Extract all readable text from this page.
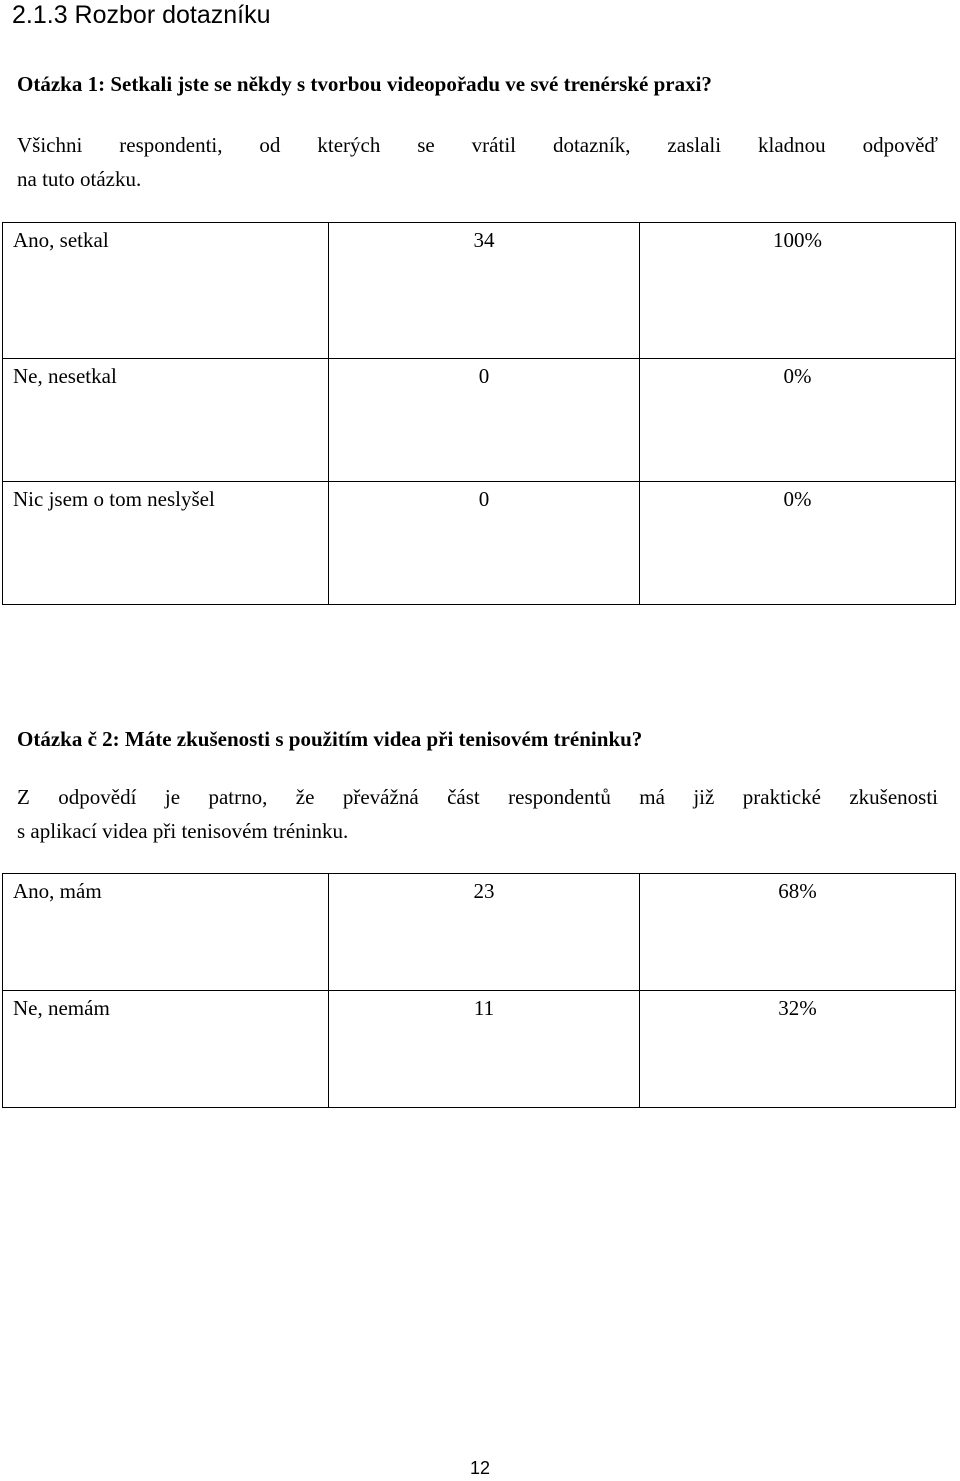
2.1.3 Rozbor dotazníku

Otázka 1: Setkali jste se někdy s tvorbou videopořadu ve své trenérské praxi?

Všichni respondenti, od kterých se vrátil dotazník, zaslali kladnou odpověď
na tuto otázku.

Ano, setkal	34	100%
Ne, nesetkal	0	0%
Nic jsem o tom neslyšel	0	0%

Otázka č 2: Máte zkušenosti s použitím videa při tenisovém tréninku?

Z odpovědí je patrno, že převážná část respondentů má již praktické zkušenosti
s aplikací videa při tenisovém tréninku.

Ano, mám	23	68%
Ne, nemám	11	32%
12
